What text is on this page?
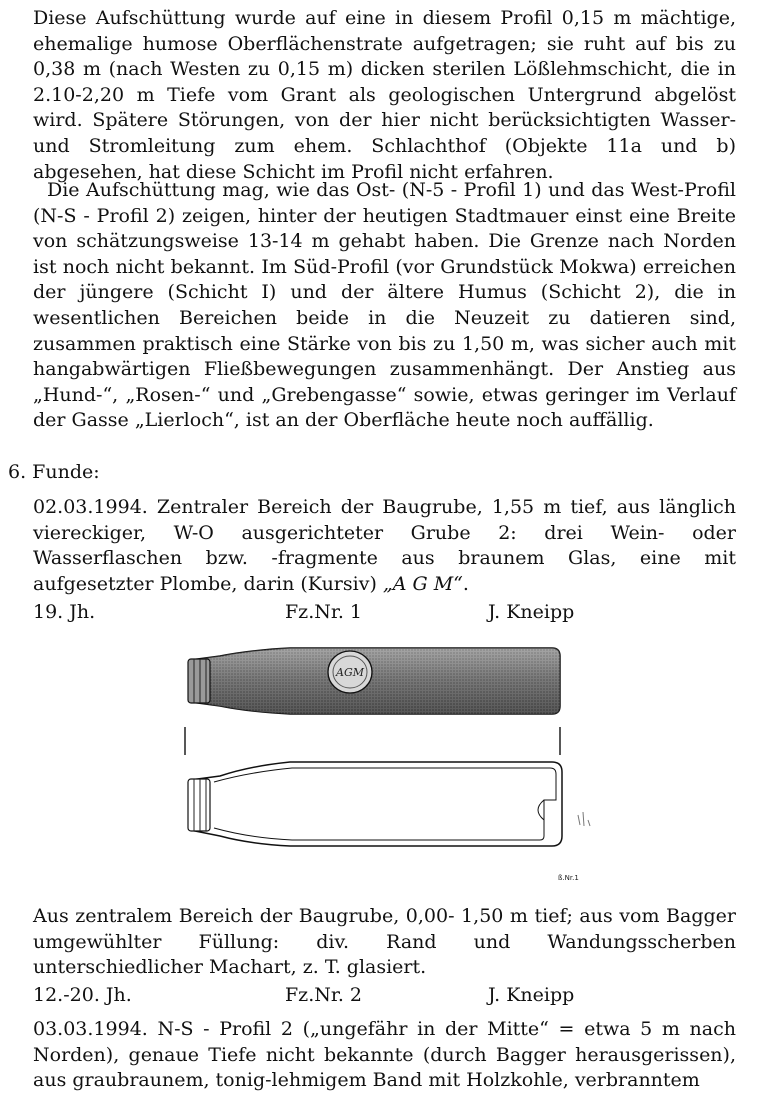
Diese Aufschüttung wurde auf eine in diesem Profil 0,15 m mächtige, ehemalige humose Oberflächenstrate aufgetragen; sie ruht auf bis zu 0,38 m (nach Westen zu 0,15 m) dicken sterilen Lößlehmschicht, die in 2.10-2,20 m Tiefe vom Grant als geologischen Untergrund abgelöst wird. Spätere Störungen, von der hier nicht berücksichtigten Wasser- und Stromleitung zum ehem. Schlachthof (Objekte 11a und b) abgesehen, hat diese Schicht im Profil nicht erfahren.

Die Aufschüttung mag, wie das Ost- (N-5 - Profil 1) und das West-Profil (N-S - Profil 2) zeigen, hinter der heutigen Stadtmauer einst eine Breite von schätzungsweise 13-14 m gehabt haben. Die Grenze nach Norden ist noch nicht bekannt. Im Süd-Profil (vor Grundstück Mokwa) erreichen der jüngere (Schicht I) und der ältere Humus (Schicht 2), die in wesentlichen Bereichen beide in die Neuzeit zu datieren sind, zusammen praktisch eine Stärke von bis zu 1,50 m, was sicher auch mit hangabwärtigen Fließbewegungen zusammenhängt. Der Anstieg aus „Hund-“, „Rosen-“ und „Grebengasse“ sowie, etwas geringer im Verlauf der Gasse „Lierloch“, ist an der Oberfläche heute noch auffällig.

6. Funde:

02.03.1994. Zentraler Bereich der Baugrube, 1,55 m tief, aus länglich viereckiger, W-O ausgerichteter Grube 2: drei Wein- oder Wasserflaschen bzw. -fragmente aus braunem Glas, eine mit aufgesetzter Plombe, darin (Kursiv) „A G M“.

19. Jh.	Fz.Nr. 1	J. Kneipp
AGM
ß.Nr.1

Aus zentralem Bereich der Baugrube, 0,00- 1,50 m tief; aus vom Bagger umgewühlter Füllung: div. Rand und Wandungsscherben unterschiedlicher Machart, z. T. glasiert.

12.-20. Jh.	Fz.Nr. 2	J. Kneipp

03.03.1994. N-S - Profil 2 („ungefähr in der Mitte“ = etwa 5 m nach Norden), genaue Tiefe nicht bekannte (durch Bagger herausgerissen), aus graubraunem, tonig-lehmigem Band mit Holzkohle, verbranntem
